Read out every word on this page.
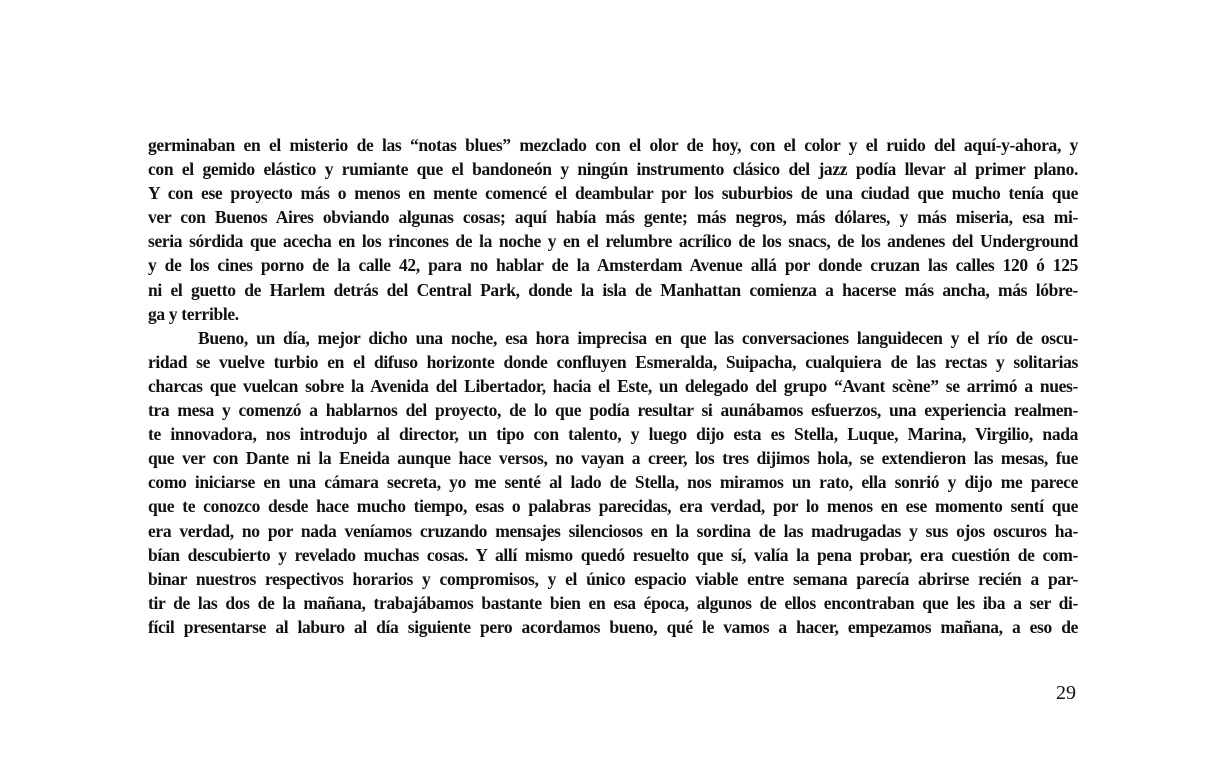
germinaban en el misterio de las “notas blues” mezclado con el olor de hoy, con el color y el ruido del aquí-y-ahora, y
con el gemido elástico y rumiante que el bandoneón y ningún instrumento clásico del jazz podía llevar al primer plano.
Y con ese proyecto más o menos en mente comencé el deambular por los suburbios de una ciudad que mucho tenía que
ver con Buenos Aires obviando algunas cosas; aquí había más gente; más negros, más dólares, y más miseria, esa mi-
seria sórdida que acecha en los rincones de la noche y en el relumbre acrílico de los snacs, de los andenes del Underground
y de los cines porno de la calle 42, para no hablar de la Amsterdam Avenue allá por donde cruzan las calles 120 ó 125
ni el guetto de Harlem detrás del Central Park, donde la isla de Manhattan comienza a hacerse más ancha, más lóbre-
ga y terrible.
Bueno, un día, mejor dicho una noche, esa hora imprecisa en que las conversaciones languidecen y el río de oscu-
ridad se vuelve turbio en el difuso horizonte donde confluyen Esmeralda, Suipacha, cualquiera de las rectas y solitarias
charcas que vuelcan sobre la Avenida del Libertador, hacia el Este, un delegado del grupo “Avant scène” se arrimó a nues-
tra mesa y comenzó a hablarnos del proyecto, de lo que podía resultar si aunábamos esfuerzos, una experiencia realmen-
te innovadora, nos introdujo al director, un tipo con talento, y luego dijo esta es Stella, Luque, Marina, Virgilio, nada
que ver con Dante ni la Eneida aunque hace versos, no vayan a creer, los tres dijimos hola, se extendieron las mesas, fue
como iniciarse en una cámara secreta, yo me senté al lado de Stella, nos miramos un rato, ella sonrió y dijo me parece
que te conozco desde hace mucho tiempo, esas o palabras parecidas, era verdad, por lo menos en ese momento sentí que
era verdad, no por nada veníamos cruzando mensajes silenciosos en la sordina de las madrugadas y sus ojos oscuros ha-
bían descubierto y revelado muchas cosas. Y allí mismo quedó resuelto que sí, valía la pena probar, era cuestión de com-
binar nuestros respectivos horarios y compromisos, y el único espacio viable entre semana parecía abrirse recién a par-
tir de las dos de la mañana, trabajábamos bastante bien en esa época, algunos de ellos encontraban que les iba a ser di-
fícil presentarse al laburo al día siguiente pero acordamos bueno, qué le vamos a hacer, empezamos mañana, a eso de
29
